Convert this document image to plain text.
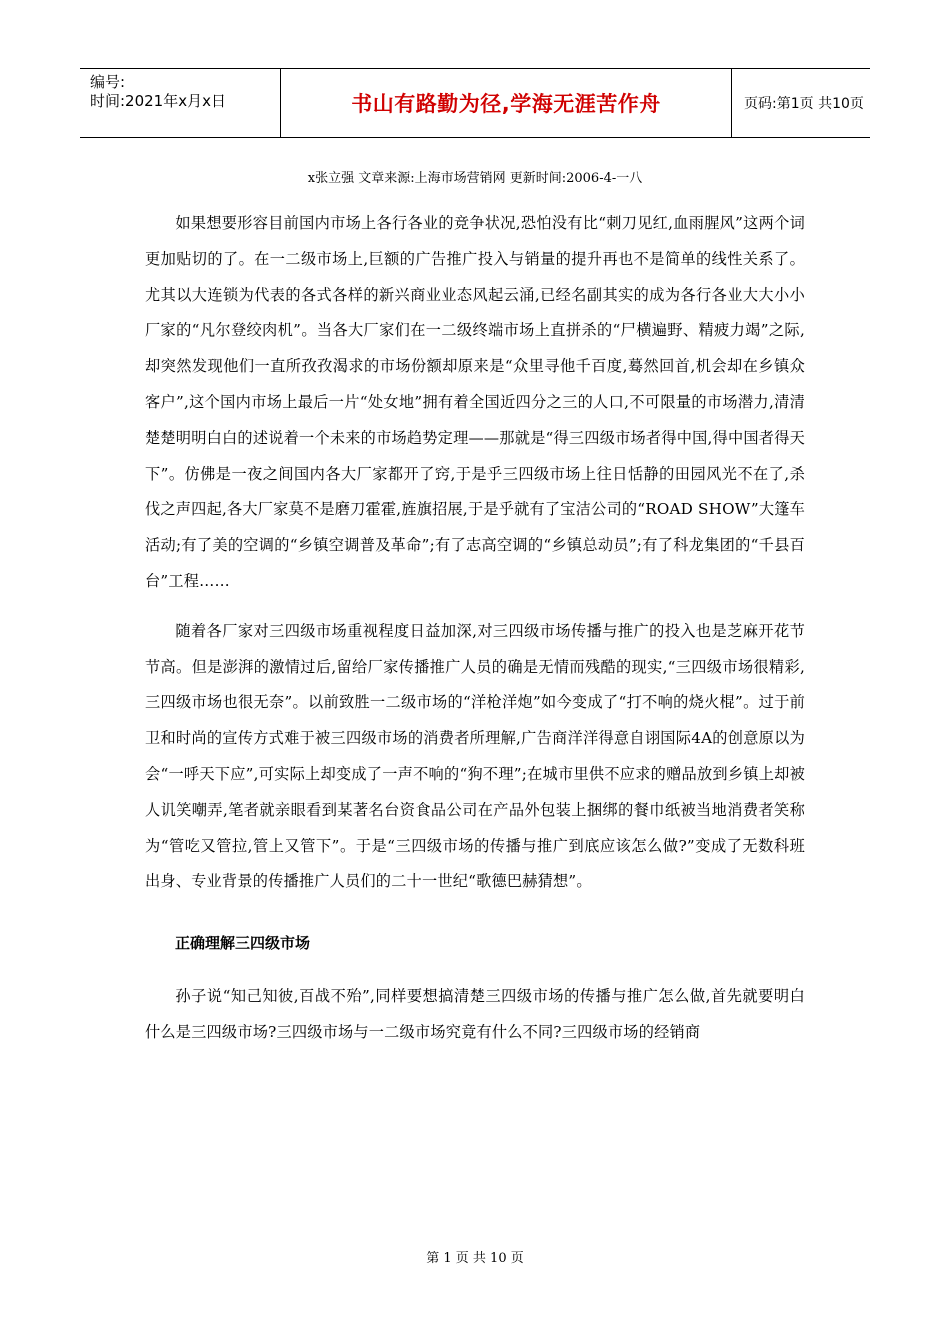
编号:
时间:2021年x月x日	书山有路勤为径,学海无涯苦作舟	页码:第1页 共10页
x张立强 文章来源:上海市场营销网 更新时间:2006-4-一八

如果想要形容目前国内市场上各行各业的竞争状况,恐怕没有比“刺刀见红,血雨腥风”这两个词更加贴切的了。在一二级市场上,巨额的广告推广投入与销量的提升再也不是简单的线性关系了。尤其以大连锁为代表的各式各样的新兴商业业态风起云涌,已经名副其实的成为各行各业大大小小厂家的“凡尔登绞肉机”。当各大厂家们在一二级终端市场上直拼杀的“尸横遍野、精疲力竭”之际,却突然发现他们一直所孜孜渴求的市场份额却原来是“众里寻他千百度,蓦然回首,机会却在乡镇众客户”,这个国内市场上最后一片“处女地”拥有着全国近四分之三的人口,不可限量的市场潜力,清清楚楚明明白白的述说着一个未来的市场趋势定理——那就是“得三四级市场者得中国,得中国者得天下”。仿佛是一夜之间国内各大厂家都开了窍,于是乎三四级市场上往日恬静的田园风光不在了,杀伐之声四起,各大厂家莫不是磨刀霍霍,旌旗招展,于是乎就有了宝洁公司的“ROAD SHOW”大篷车活动;有了美的空调的“乡镇空调普及革命”;有了志高空调的“乡镇总动员”;有了科龙集团的“千县百台”工程……

随着各厂家对三四级市场重视程度日益加深,对三四级市场传播与推广的投入也是芝麻开花节节高。但是澎湃的激情过后,留给厂家传播推广人员的确是无情而残酷的现实,“三四级市场很精彩,三四级市场也很无奈”。以前致胜一二级市场的“洋枪洋炮”如今变成了“打不响的烧火棍”。过于前卫和时尚的宣传方式难于被三四级市场的消费者所理解,广告商洋洋得意自诩国际4A的创意原以为会“一呼天下应”,可实际上却变成了一声不响的“狗不理”;在城市里供不应求的赠品放到乡镇上却被人讥笑嘲弄,笔者就亲眼看到某著名台资食品公司在产品外包装上捆绑的餐巾纸被当地消费者笑称为“管吃又管拉,管上又管下”。于是“三四级市场的传播与推广到底应该怎么做?”变成了无数科班出身、专业背景的传播推广人员们的二十一世纪“歌德巴赫猜想”。

正确理解三四级市场

孙子说“知己知彼,百战不殆”,同样要想搞清楚三四级市场的传播与推广怎么做,首先就要明白什么是三四级市场?三四级市场与一二级市场究竟有什么不同?三四级市场的经销商

第 1 页 共 10 页
